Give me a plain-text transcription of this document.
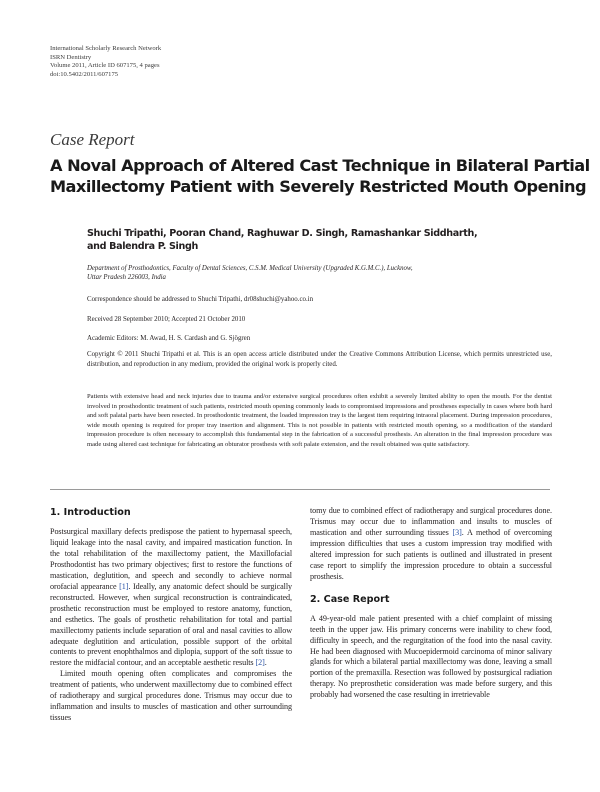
International Scholarly Research Network
ISRN Dentistry
Volume 2011, Article ID 607175, 4 pages
doi:10.5402/2011/607175
Case Report
A Noval Approach of Altered Cast Technique in Bilateral Partial
Maxillectomy Patient with Severely Restricted Mouth Opening
Shuchi Tripathi, Pooran Chand, Raghuwar D. Singh, Ramashankar Siddharth,
and Balendra P. Singh
Department of Prosthodontics, Faculty of Dental Sciences, C.S.M. Medical University (Upgraded K.G.M.C.), Lucknow,
Uttar Pradesh 226003, India
Correspondence should be addressed to Shuchi Tripathi, dr08shuchi@yahoo.co.in
Received 28 September 2010; Accepted 21 October 2010
Academic Editors: M. Awad, H. S. Cardash and G. Sjögren
Copyright © 2011 Shuchi Tripathi et al. This is an open access article distributed under the Creative Commons Attribution License, which permits unrestricted use, distribution, and reproduction in any medium, provided the original work is properly cited.
Patients with extensive head and neck injuries due to trauma and/or extensive surgical procedures often exhibit a severely limited ability to open the mouth. For the dentist involved in prosthodontic treatment of such patients, restricted mouth opening commonly leads to compromised impressions and prostheses especially in cases where both hard and soft palatal parts have been resected. In prosthodontic treatment, the loaded impression tray is the largest item requiring intraoral placement. During impression procedures, wide mouth opening is required for proper tray insertion and alignment. This is not possible in patients with restricted mouth opening, so a modification of the standard impression procedure is often necessary to accomplish this fundamental step in the fabrication of a successful prosthesis. An alteration in the final impression procedure was made using altered cast technique for fabricating an obturator prosthesis with soft palate extension, and the result obtained was quite satisfactory.
1. Introduction

Postsurgical maxillary defects predispose the patient to hypernasal speech, liquid leakage into the nasal cavity, and impaired mastication function. In the total rehabilitation of the maxillectomy patient, the Maxillofacial Prosthodontist has two primary objectives; first to restore the functions of mastication, deglutition, and speech and secondly to achieve normal orofacial appearance [1]. Ideally, any anatomic defect should be surgically reconstructed. However, when surgical reconstruction is contraindicated, prosthetic reconstruction must be employed to restore anatomy, function, and esthetics. The goals of prosthetic rehabilitation for total and partial maxillectomy patients include separation of oral and nasal cavities to allow adequate deglutition and articulation, possible support of the orbital contents to prevent enophthalmos and diplopia, support of the soft tissue to restore the midfacial contour, and an acceptable aesthetic results [2].

Limited mouth opening often complicates and compromises the treatment of patients, who underwent maxillectomy due to combined effect of radiotherapy and surgical procedures done. Trismus may occur due to inflammation and insults to muscles of mastication and other surrounding tissues

tomy due to combined effect of radiotherapy and surgical procedures done. Trismus may occur due to inflammation and insults to muscles of mastication and other surrounding tissues [3]. A method of overcoming impression difficulties that uses a custom impression tray modified with altered impression for such patients is outlined and illustrated in present case report to simplify the impression procedure to obtain a successful prosthesis.

2. Case Report

A 49-year-old male patient presented with a chief complaint of missing teeth in the upper jaw. His primary concerns were inability to chew food, difficulty in speech, and the regurgitation of the food into the nasal cavity. He had been diagnosed with Mucoepidermoid carcinoma of minor salivary glands for which a bilateral partial maxillectomy was done, leaving a small portion of the premaxilla. Resection was followed by postsurgical radiation therapy. No preprosthetic consideration was made before surgery, and this probably had worsened the case resulting in irretrievable
